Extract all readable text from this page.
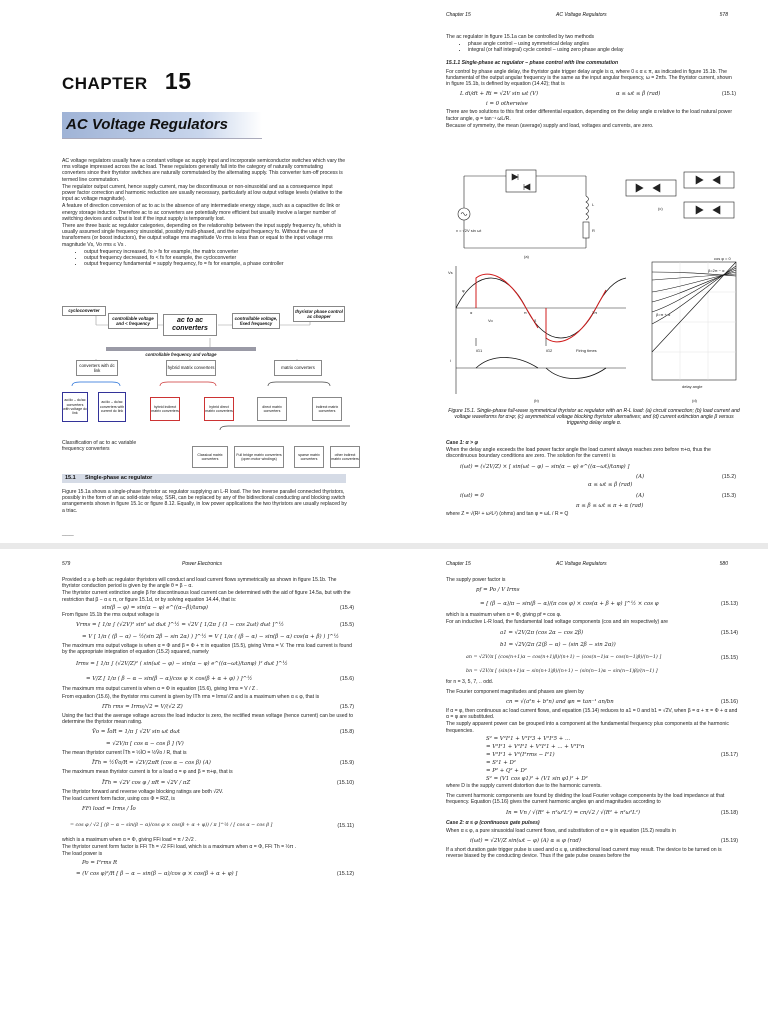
CHAPTER 15
AC Voltage Regulators

AC voltage regulators usually have a constant voltage ac supply input and incorporate semiconductor switches which vary the rms voltage impressed across the ac load. These regulators generally fall into the category of naturally commutating converters since their thyristor switches are naturally commutated by the alternating supply. This converter turn-off process is termed line commutation.

The regulator output current, hence supply current, may be discontinuous or non-sinusoidal and as a consequence input power factor correction and harmonic reduction are usually necessary, particularly at low output voltage levels (relative to the input ac voltage magnitude).

A feature of direction conversion of ac to ac is the absence of any intermediate energy stage, such as a capacitive dc link or energy storage inductor. Therefore ac to ac converters are potentially more efficient but usually involve a larger number of switching devices and output is lost if the input supply is temporarily lost.

There are three basic ac regulator categories, depending on the relationship between the input supply frequency fs, which is usually assumed single frequency sinusoidal, possibly multi-phased, and the output frequency fo. Without the use of transformers (or boost inductors), the output voltage rms magnitude Vo rms is less than or equal to the input voltage rms magnitude Vs, Vo rms ≤ Vs .

• output frequency increased, fo > fs for example, the matrix converter
• output frequency decreased, fo < fs for example, the cycloconverter
• output frequency fundamental = supply frequency, fo = fs for example, a phase controller
cycloconverter
controllable voltage and < frequency	ac to ac converters
controllable voltage, fixed frequency
thyristor phase control ac chopper
controllable frequency and voltage
converters with dc link
hybrid matrix converters	matrix converters
ac/dc – dc/ac converters with voltage dc link
ac/dc – dc/ac converters with current dc link
hybrid indirect matrix converters
hybrid direct matrix converters
direct matrix converters
indirect matrix converters
Classification of ac to ac variable frequency converters
Classical matrix converters
Full bridge matrix converters (open motor windings)
sparse matrix converters
other indirect matrix converters
15.1 Single-phase ac regulator
Figure 15.1a shows a single-phase thyristor ac regulator supplying an L-R load. The two inverse parallel connected thyristors, possibly in the form of an ac solid-state relay, SSR, can be replaced by any of the bidirectional conducting and blocking switch arrangements shown in figure 15.1c or figure 8.12. Equally, in low power applications the two thyristors are usually replaced by a triac.
___
Chapter 15	AC Voltage Regulators	578

The ac regulator in figure 15.1a can be controlled by two methods

• phase angle control – using symmetrical delay angles
• integral (or half integral) cycle control – using zero phase angle delay

15.1.1 Single-phase ac regulator – phase control with line commutation

For control by phase angle delay, the thyristor gate trigger delay angle is α, where 0 ≤ α ≤ π, as indicated in figure 15.1b. The fundamental of the output angular frequency is the same as the input angular frequency, ω = 2πfs. The thyristor current, shown in figure 15.1b, is defined by equation (14.42); that is

L di/dt + Ri = √2V sin ωt (V)	α ≤ ωt ≤ β (rad)	(15.1)
i = 0 otherwise

There are two solutions to this first order differential equation, depending on the delay angle α relative to the load natural power factor angle, φ = tan⁻¹ ωL/R.

Because of symmetry, the mean (average) supply and load, voltages and currents, are zero.

v = √2V sin ωt
L
R
(a)
(c)
Vs
Vo
iG1	iG2	Firing times
i
π	2π
α
β
φ
(b)
cos φ = 0
β=2π − α
β=π + α
delay angle
(d)
Figure 15.1. Single-phase full-wave symmetrical thyristor ac regulator with an R-L load: (a) circuit connection; (b) load current and voltage waveforms for α>φ; (c) asymmetrical voltage blocking thyristor alternatives; and (d) current extinction angle β versus triggering delay angle α.

Case 1: α > φ

When the delay angle exceeds the load power factor angle the load current always reaches zero before π+α, thus the discontinuous boundary conditions are zero. The solution for the current i is

i(ωt) = (√2V/Z) × [ sin(ωt − φ) − sin(α − φ) e^((α−ωt)/tanφ) ]
(A)
α ≤ ωt ≤ β (rad)
(15.2)
i(ωt) = 0	(A)	(15.3)
π ≤ β ≤ ωt ≤ π + α (rad)

where Z = √(R² + ω²L²) (ohms) and tan φ = ωL / R = Q

579	Power Electronics

Provided α ≥ φ both ac regulator thyristors will conduct and load current flows symmetrically as shown in figure 15.1b. The thyristor conduction period is given by the angle θ = β − α.

The thyristor current extinction angle β for discontinuous load current can be determined with the aid of figure 14.5a, but with the restriction that β − α ≤ π, or figure 15.1d, or by solving equation 14.44, that is:

sin(β − φ) = sin(α − φ) e^((α−β)/tanφ)	(15.4)

From figure 15.1b the rms output voltage is

Vrms = [ 1/π ∫ (√2V)² sin² ωt dωt ]^½ = √2V [ 1/2π ∫ (1 − cos 2ωt) dωt ]^½	(15.5)
= V [ 1/π ( (β − α) − ½(sin 2β − sin 2α) ) ]^½ = V [ 1/π ( (β − α) − sin(β − α) cos(α + β) ) ]^½

The maximum rms output voltage is when α = Φ and β = Φ + π in equation (15.5), giving Vrms = V. The rms load current is found by the appropriate integration of equation (15.2) squared, namely

Irms = [ 1/π ∫ (√2V/Z)² ( sin(ωt − φ) − sin(α − φ) e^((α−ωt)/tanφ) )² dωt ]^½
= V/Z [ 1/π ( β − α − sin(β − α)/cos φ × cos(β + α + φ) ) ]^½	(15.6)

The maximum rms output current is when α = Φ in equation (15.6), giving Irms = V / Z .

From equation (15.6), the thyristor rms current is given by ITh rms = Irms/√2 and is a maximum when α ≤ φ, that is

ITh rms = Irms/√2 = V/(√2 Z)	(15.7)

Using the fact that the average voltage across the load inductor is zero, the rectified mean voltage (hence current) can be used to determine the thyristor mean rating.

V̄o = ĪoR = 1/π ∫ √2V sin ωt dωt	(15.8)
= √2V/π [ cos α − cos β ] (V)

The mean thyristor current ĪTh = ½ĪO = ½V̄o / R, that is

ĪTh = ½V̄o/R = √2V/2πR (cos α − cos β) (A)	(15.9)

The maximum mean thyristor current is for a load α = φ and β = π+φ, that is

ĪTh = √2V cos φ / πR = √2V / πZ	(15.10)

The thyristor forward and reverse voltage blocking ratings are both √2V.

The load current form factor, using cos Φ = R/Z, is

FFi load = Irms / Īo
= cos φ / √2 [ (β − α − sin(β − α)/cos φ × cos(β + α + φ)) / π ]^½ / [ cos α − cos β ]	(15.11)

which is a maximum when α = Φ, giving FFi load = π / 2√2 .

The thyristor current form factor is FFi Th = √2 FFi load, which is a maximum when α = Φ, FFi Th = ½π .

The load power is

Po = I²rms R
= (V cos φ)²/R [ β − α − sin(β − α)/cos φ × cos(β + α + φ) ]	(15.12)
Chapter 15	AC Voltage Regulators	580

The supply power factor is

pf = Po / V Irms
= [ (β − α)/π − sin(β − α)/(π cos φ) × cos(α + β + φ) ]^½ × cos φ	(15.13)

which is a maximum when α = Φ, giving pf = cos φ.

For an inductive L-R load, the fundamental load voltage components (cos and sin respectively) are

a1 = √2V/2π (cos 2α − cos 2β)	(15.14)
b1 = √2V/2π (2(β − α) − (sin 2β − sin 2α))
an = √2V/π [ (cos(n+1)α − cos(n+1)β)/(n+1) − (cos(n−1)α − cos(n−1)β)/(n−1) ]	(15.15)
bn = √2V/π [ (sin(n+1)α − sin(n+1)β)/(n+1) − (sin(n−1)α − sin(n−1)β)/(n−1) ]

for n = 3, 5, 7, .. odd.

The Fourier component magnitudes and phases are given by

cn = √(a²n + b²n) and φn = tan⁻¹ an/bn	(15.16)

If α = φ, then continuous ac load current flows, and equation (15.14) reduces to a1 = 0 and b1 = √2V, when β = α + π = Φ + α and α = φ are substituted.

The supply apparent power can be grouped into a component at the fundamental frequency plus components at the harmonic frequencies.

S² = V²I²1 + V²I²3 + V²I²5 + ...
= V²I²1 + V²I²1 + V²I²1 + ... + V²I²n
= V²I²1 + V²(I²rms − I²1)	(15.17)
= S²1 + D²
= P² + Q² + D²
S² = (V1 cos φ1)² + (V1 sin φ1)² + D²

where D is the supply current distortion due to the harmonic currents.

The current harmonic components are found by dividing the load Fourier voltage components by the load impedance at that frequency. Equation (15.16) gives the current harmonic angles φn and magnitudes according to

In = Vn / √(R² + n²ω²L²) = cn/√2 / √(R² + n²ω²L²)	(15.18)

Case 2: α ≤ φ (continuous gate pulses)

When α ≤ φ, a pure sinusoidal load current flows, and substitution of α = φ in equation (15.2) results in

i(ωt) = √2V/Z sin(ωt − φ) (A) α ≤ φ (rad)	(15.19)

If a short duration gate trigger pulse is used and α ≤ φ, unidirectional load current may result. The device to be turned on is reverse biased by the conducting device. Thus if the gate pulse ceases before the
